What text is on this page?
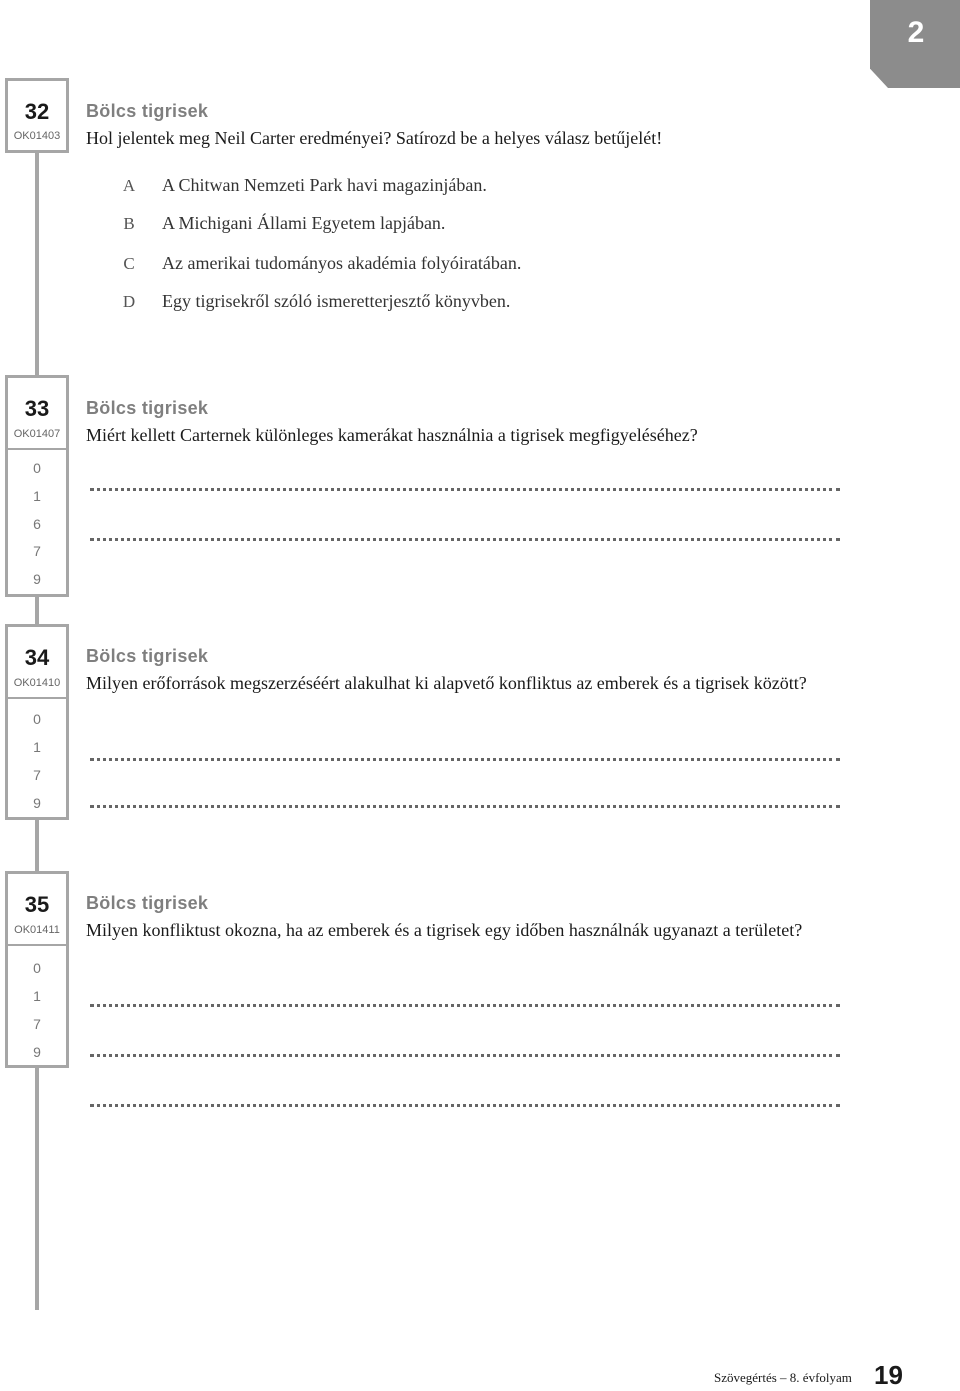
2
32
OK01403
Bölcs tigrisek
Hol jelentek meg Neil Carter eredményei? Satírozd be a helyes válasz betűjelét!
A A Chitwan Nemzeti Park havi magazinjában.
B A Michigani Állami Egyetem lapjában.
C Az amerikai tudományos akadémia folyóiratában.
D Egy tigrisekről szóló ismeretterjesztő könyvben.
33
OK01407
0
1
6
7
9
Bölcs tigrisek
Miért kellett Carternek különleges kamerákat használnia a tigrisek megfigyeléséhez?
34
OK01410
0
1
7
9
Bölcs tigrisek
Milyen erőforrások megszerzéséért alakulhat ki alapvető konfliktus az emberek és a tigrisek között?
35
OK01411
0
1
7
9
Bölcs tigrisek
Milyen konfliktust okozna, ha az emberek és a tigrisek egy időben használnák ugyanazt a területet?
Szövegértés – 8. évfolyam 19
